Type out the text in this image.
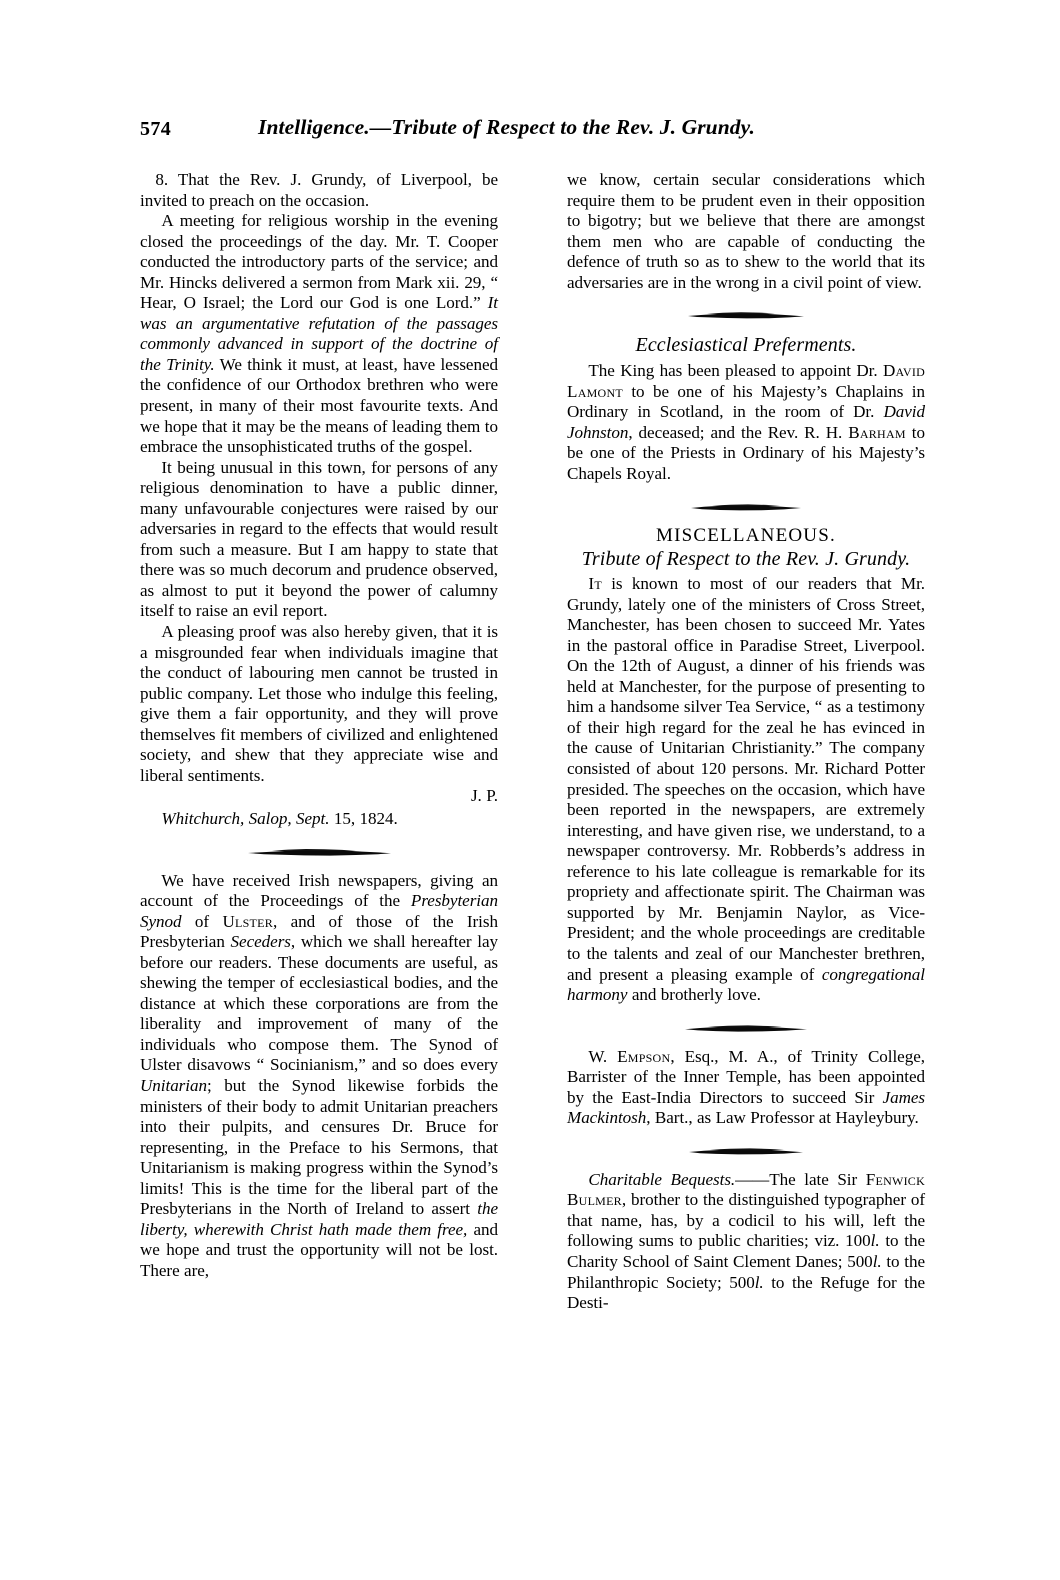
574	Intelligence.—Tribute of Respect to the Rev. J. Grundy.

8. That the Rev. J. Grundy, of Liverpool, be invited to preach on the occasion.

A meeting for religious worship in the evening closed the proceedings of the day. Mr. T. Cooper conducted the introductory parts of the service; and Mr. Hincks delivered a sermon from Mark xii. 29, “ Hear, O Israel; the Lord our God is one Lord.” It was an argumentative refutation of the passages commonly advanced in support of the doctrine of the Trinity. We think it must, at least, have lessened the confidence of our Orthodox brethren who were present, in many of their most favourite texts. And we hope that it may be the means of leading them to embrace the unsophisticated truths of the gospel.

It being unusual in this town, for persons of any religious denomination to have a public dinner, many unfavourable conjectures were raised by our adversaries in regard to the effects that would result from such a measure. But I am happy to state that there was so much decorum and prudence observed, as almost to put it beyond the power of calumny itself to raise an evil report.

A pleasing proof was also hereby given, that it is a misgrounded fear when individuals imagine that the conduct of labouring men cannot be trusted in public company. Let those who indulge this feeling, give them a fair opportunity, and they will prove themselves fit members of civilized and enlightened society, and shew that they appreciate wise and liberal sentiments.

J. P.

Whitchurch, Salop, Sept. 15, 1824.

We have received Irish newspapers, giving an account of the Proceedings of the Presbyterian Synod of Ulster, and of those of the Irish Presbyterian Seceders, which we shall hereafter lay before our readers. These documents are useful, as shewing the temper of ecclesiastical bodies, and the distance at which these corporations are from the liberality and improvement of many of the individuals who compose them. The Synod of Ulster disavows “ Socinianism,” and so does every Unitarian; but the Synod likewise forbids the ministers of their body to admit Unitarian preachers into their pulpits, and censures Dr. Bruce for representing, in the Preface to his Sermons, that Unitarianism is making progress within the Synod’s limits! This is the time for the liberal part of the Presbyterians in the North of Ireland to assert the liberty, wherewith Christ hath made them free, and we hope and trust the opportunity will not be lost. There are,

we know, certain secular considerations which require them to be prudent even in their opposition to bigotry; but we believe that there are amongst them men who are capable of conducting the defence of truth so as to shew to the world that its adversaries are in the wrong in a civil point of view.

Ecclesiastical Preferments.

The King has been pleased to appoint Dr. David Lamont to be one of his Majesty’s Chaplains in Ordinary in Scotland, in the room of Dr. David Johnston, deceased; and the Rev. R. H. Barham to be one of the Priests in Ordinary of his Majesty’s Chapels Royal.

MISCELLANEOUS.

Tribute of Respect to the Rev. J. Grundy.

It is known to most of our readers that Mr. Grundy, lately one of the ministers of Cross Street, Manchester, has been chosen to succeed Mr. Yates in the pastoral office in Paradise Street, Liverpool. On the 12th of August, a dinner of his friends was held at Manchester, for the purpose of presenting to him a handsome silver Tea Service, “ as a testimony of their high regard for the zeal he has evinced in the cause of Unitarian Christianity.” The company consisted of about 120 persons. Mr. Richard Potter presided. The speeches on the occasion, which have been reported in the newspapers, are extremely interesting, and have given rise, we understand, to a newspaper controversy. Mr. Robberds’s address in reference to his late colleague is remarkable for its propriety and affectionate spirit. The Chairman was supported by Mr. Benjamin Naylor, as Vice-President; and the whole proceedings are creditable to the talents and zeal of our Manchester brethren, and present a pleasing example of congregational harmony and brotherly love.

W. Empson, Esq., M. A., of Trinity College, Barrister of the Inner Temple, has been appointed by the East-India Directors to succeed Sir James Mackintosh, Bart., as Law Professor at Hayleybury.

Charitable Bequests.——The late Sir Fenwick Bulmer, brother to the distinguished typographer of that name, has, by a codicil to his will, left the following sums to public charities; viz. 100l. to the Charity School of Saint Clement Danes; 500l. to the Philanthropic Society; 500l. to the Refuge for the Desti-
